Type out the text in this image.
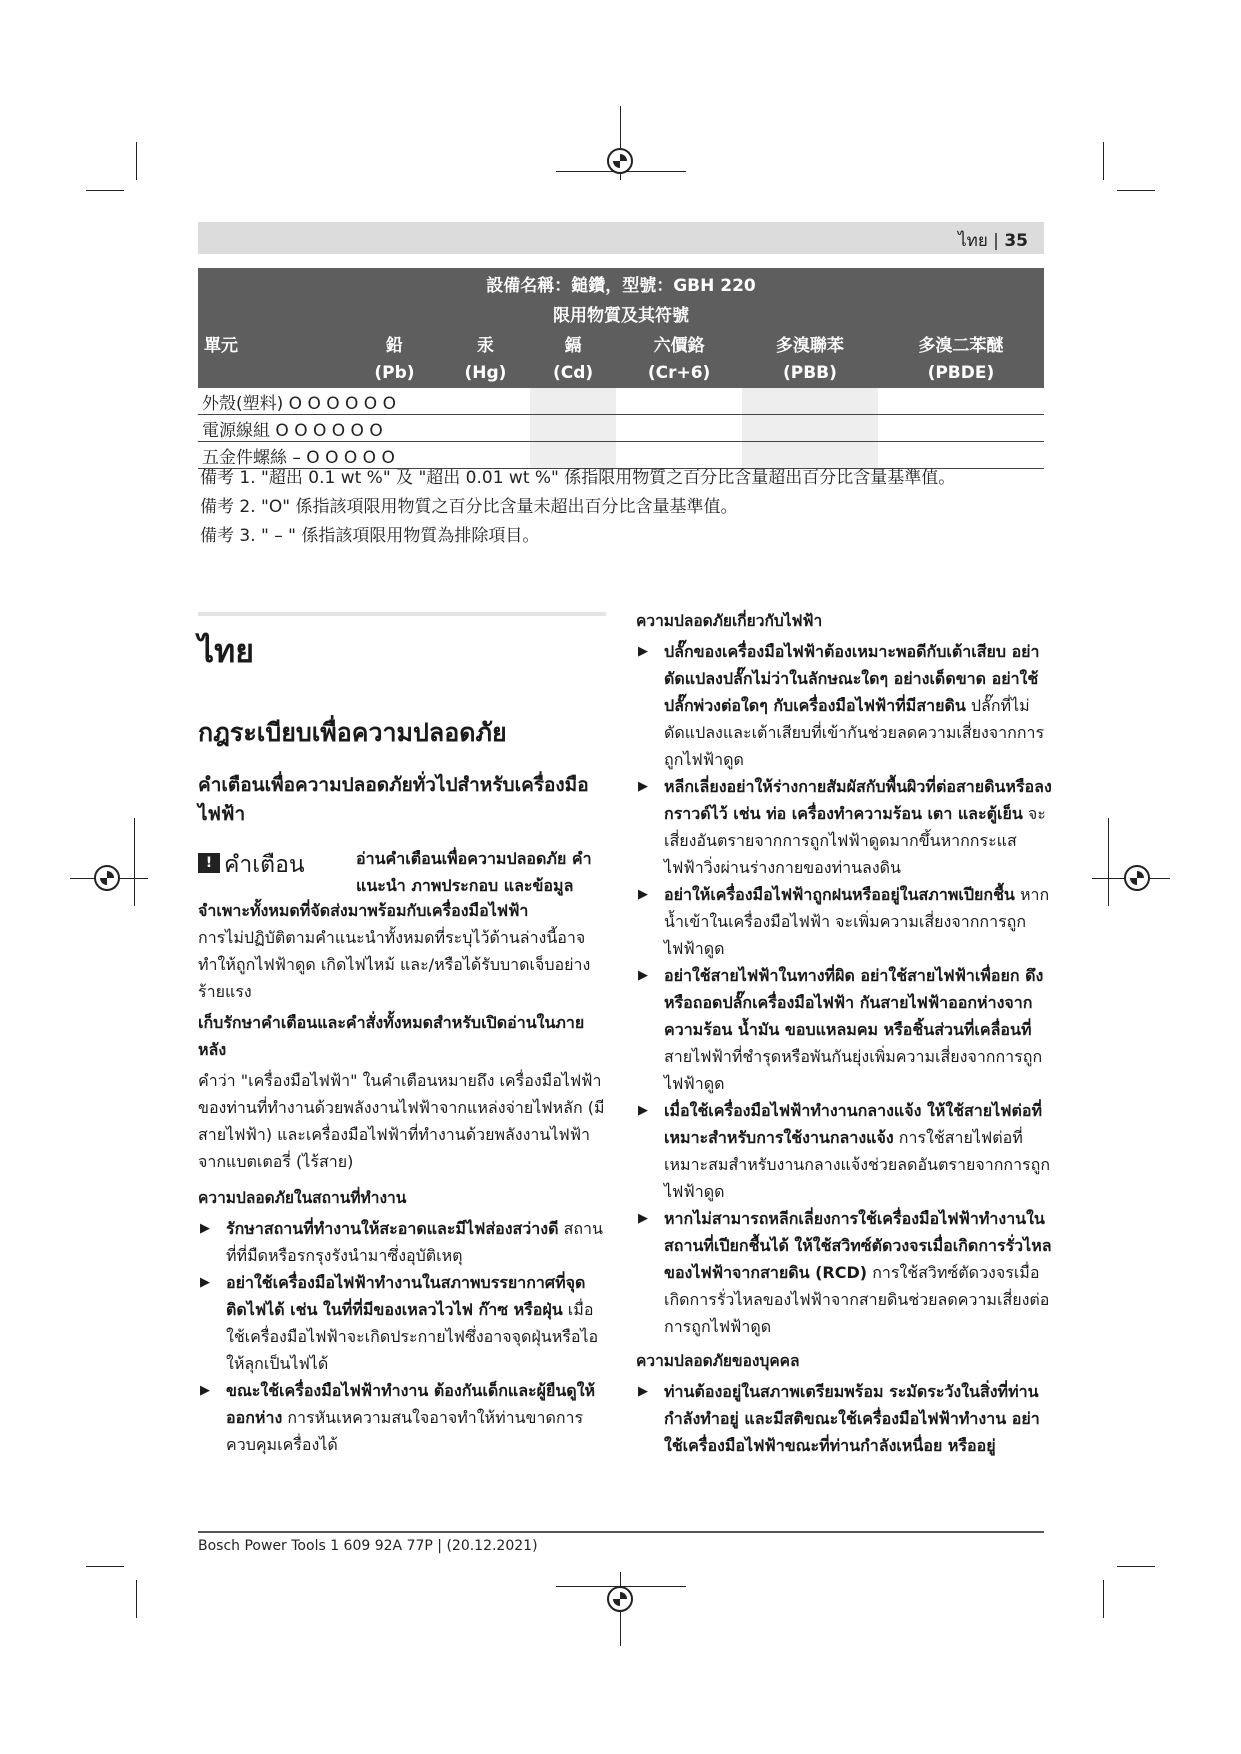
ไทย | 35
設備名稱：鎚鑽，型號：GBH 220						
限用物質及其符號						
單元	鉛	汞	鎘	六價鉻	多溴聯苯	多溴二苯醚
	(Pb)	(Hg)	(Cd)	(Cr+6)	(PBB)	(PBDE)
外殼(塑料) O O O O O O						
電源線組 O O O O O O						
五金件螺絲 – O O O O O						
備考 1. "超出 0.1 wt %" 及 "超出 0.01 wt %" 係指限用物質之百分比含量超出百分比含量基準值。
備考 2. "O" 係指該項限用物質之百分比含量未超出百分比含量基準值。
備考 3. " – " 係指該項限用物質為排除項目。
ไทย
กฎระเบียบเพื่อความปลอดภัย
คำเตือนเพื่อความปลอดภัยทั่วไปสำหรับเครื่องมือไฟฟ้า
! คำเตือน	อ่านคำเตือนเพื่อความปลอดภัย คำแนะนำ ภาพประกอบ และข้อมูล

จำเพาะทั้งหมดที่จัดส่งมาพร้อมกับเครื่องมือไฟฟ้า

การไม่ปฏิบัติตามคำแนะนำทั้งหมดที่ระบุไว้ด้านล่างนี้อาจทำให้ถูกไฟฟ้าดูด เกิดไฟไหม้ และ/หรือได้รับบาดเจ็บอย่างร้ายแรง

เก็บรักษาคำเตือนและคำสั่งทั้งหมดสำหรับเปิดอ่านในภายหลัง

คำว่า "เครื่องมือไฟฟ้า" ในคำเตือนหมายถึง เครื่องมือไฟฟ้าของท่านที่ทำงานด้วยพลังงานไฟฟ้าจากแหล่งจ่ายไฟหลัก (มีสายไฟฟ้า) และเครื่องมือไฟฟ้าที่ทำงานด้วยพลังงานไฟฟ้าจากแบตเตอรี่ (ไร้สาย)

ความปลอดภัยในสถานที่ทำงาน

▶ รักษาสถานที่ทำงานให้สะอาดและมีไฟส่องสว่างดี สถานที่ที่มืดหรือรกรุงรังนำมาซึ่งอุบัติเหตุ
▶ อย่าใช้เครื่องมือไฟฟ้าทำงานในสภาพบรรยากาศที่จุดติดไฟได้ เช่น ในที่ที่มีของเหลวไวไฟ ก๊าซ หรือฝุ่น เมื่อใช้เครื่องมือไฟฟ้าจะเกิดประกายไฟซึ่งอาจจุดฝุ่นหรือไอให้ลุกเป็นไฟได้
▶ ขณะใช้เครื่องมือไฟฟ้าทำงาน ต้องกันเด็กและผู้ยืนดูให้ออกห่าง การหันเหความสนใจอาจทำให้ท่านขาดการควบคุมเครื่องได้

ความปลอดภัยเกี่ยวกับไฟฟ้า

▶ ปลั๊กของเครื่องมือไฟฟ้าต้องเหมาะพอดีกับเต้าเสียบ อย่าดัดแปลงปลั๊กไม่ว่าในลักษณะใดๆ อย่างเด็ดขาด อย่าใช้ปลั๊กพ่วงต่อใดๆ กับเครื่องมือไฟฟ้าที่มีสายดิน ปลั๊กที่ไม่ดัดแปลงและเต้าเสียบที่เข้ากันช่วยลดความเสี่ยงจากการถูกไฟฟ้าดูด
▶ หลีกเลี่ยงอย่าให้ร่างกายสัมผัสกับพื้นผิวที่ต่อสายดินหรือลงกราวด์ไว้ เช่น ท่อ เครื่องทำความร้อน เตา และตู้เย็น จะเสี่ยงอันตรายจากการถูกไฟฟ้าดูดมากขึ้นหากกระแสไฟฟ้าวิ่งผ่านร่างกายของท่านลงดิน
▶ อย่าให้เครื่องมือไฟฟ้าถูกฝนหรืออยู่ในสภาพเปียกชื้น หากน้ำเข้าในเครื่องมือไฟฟ้า จะเพิ่มความเสี่ยงจากการถูกไฟฟ้าดูด
▶ อย่าใช้สายไฟฟ้าในทางที่ผิด อย่าใช้สายไฟฟ้าเพื่อยก ดึง หรือถอดปลั๊กเครื่องมือไฟฟ้า กันสายไฟฟ้าออกห่างจากความร้อน น้ำมัน ขอบแหลมคม หรือชิ้นส่วนที่เคลื่อนที่ สายไฟฟ้าที่ชำรุดหรือพันกันยุ่งเพิ่มความเสี่ยงจากการถูกไฟฟ้าดูด
▶ เมื่อใช้เครื่องมือไฟฟ้าทำงานกลางแจ้ง ให้ใช้สายไฟต่อที่เหมาะสำหรับการใช้งานกลางแจ้ง การใช้สายไฟต่อที่เหมาะสมสำหรับงานกลางแจ้งช่วยลดอันตรายจากการถูกไฟฟ้าดูด
▶ หากไม่สามารถหลีกเลี่ยงการใช้เครื่องมือไฟฟ้าทำงานในสถานที่เปียกชื้นได้ ให้ใช้สวิทซ์ตัดวงจรเมื่อเกิดการรั่วไหลของไฟฟ้าจากสายดิน (RCD) การใช้สวิทซ์ตัดวงจรเมื่อเกิดการรั่วไหลของไฟฟ้าจากสายดินช่วยลดความเสี่ยงต่อการถูกไฟฟ้าดูด

ความปลอดภัยของบุคคล

▶ ท่านต้องอยู่ในสภาพเตรียมพร้อม ระมัดระวังในสิ่งที่ท่านกำลังทำอยู่ และมีสติขณะใช้เครื่องมือไฟฟ้าทำงาน อย่าใช้เครื่องมือไฟฟ้าขณะที่ท่านกำลังเหนื่อย หรืออยู่
Bosch Power Tools 1 609 92A 77P | (20.12.2021)
